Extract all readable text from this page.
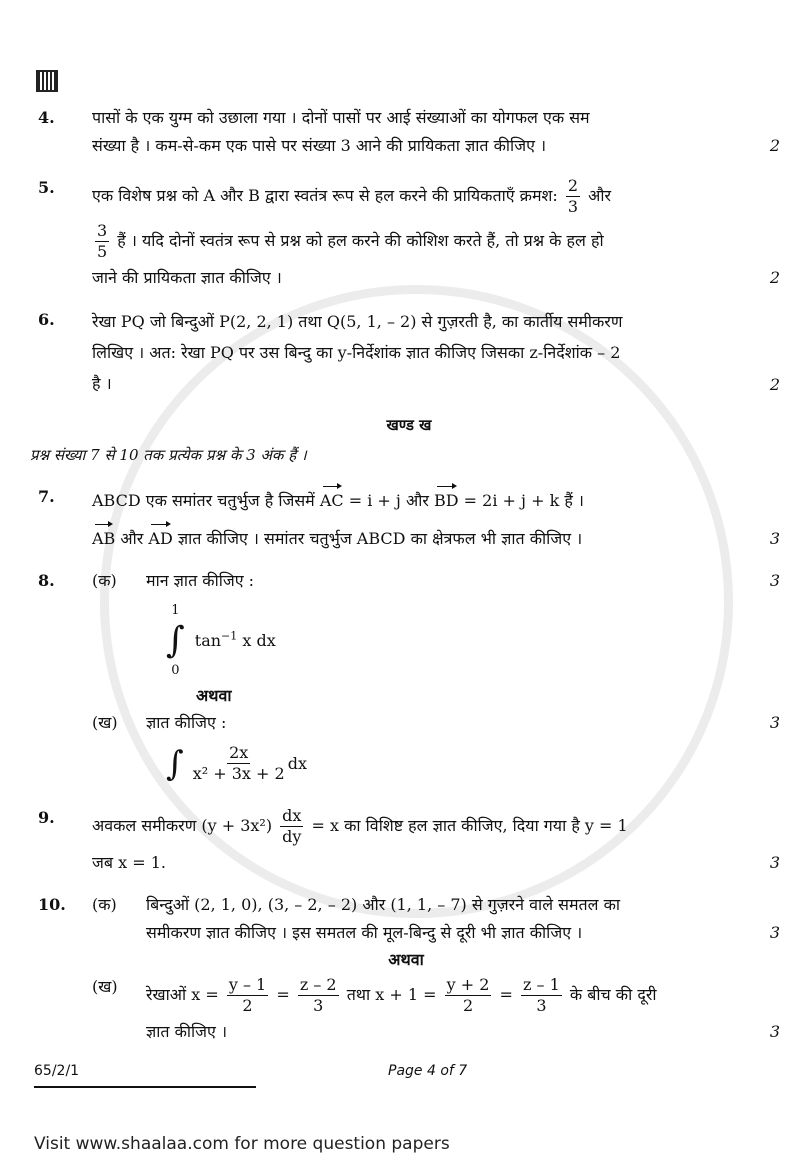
4.	पासों के एक युग्म को उछाला गया । दोनों पासों पर आई संख्याओं का योगफल एक सम
संख्या है । कम-से-कम एक पासे पर संख्या 3 आने की प्रायिकता ज्ञात कीजिए ।	2
5.	एक विशेष प्रश्न को A और B द्वारा स्वतंत्र रूप से हल करने की प्रायिकताएँ क्रमश: $\frac{2}{3}$ और
$\frac{3}{5}$ हैं । यदि दोनों स्वतंत्र रूप से प्रश्न को हल करने की कोशिश करते हैं, तो प्रश्न के हल हो
जाने की प्रायिकता ज्ञात कीजिए ।	2
6.	रेखा PQ जो बिन्दुओं P(2, 2, 1) तथा Q(5, 1, – 2) से गुज़रती है, का कार्तीय समीकरण
लिखिए । अत: रेखा PQ पर उस बिन्दु का y-निर्देशांक ज्ञात कीजिए जिसका z-निर्देशांक – 2
है ।	2
खण्ड ख
प्रश्न संख्या 7 से 10 तक प्रत्येक प्रश्न के 3 अंक हैं ।
7.	ABCD एक समांतर चतुर्भुज है जिसमें AC = i + j और BD = 2i + j + k हैं ।
AB और AD ज्ञात कीजिए । समांतर चतुर्भुज ABCD का क्षेत्रफल भी ज्ञात कीजिए ।	3
8.	(क)	मान ज्ञात कीजिए :
1
∫
0
$\tan^{-1} x$ dx
अथवा
3
(ख)	ज्ञात कीजिए :
∫ $\frac{2x}{\text{x² + 3x + 2}}$ dx
3
9.	अवकल समीकरण $(y + 3x^2) \frac{dx}{dy} = x$ का विशिष्ट हल ज्ञात कीजिए, दिया गया है y = 1
जब x = 1.	3
10.	(क)	बिन्दुओं (2, 1, 0), (3, – 2, – 2) और (1, 1, – 7) से गुज़रने वाले समतल का
समीकरण ज्ञात कीजिए । इस समतल की मूल-बिन्दु से दूरी भी ज्ञात कीजिए ।	3
अथवा
(ख)	रेखाओं $x = \frac{y - 1}{2} = \frac{z - 2}{3}$ तथा $x + 1 = \frac{y + 2}{2} = \frac{z - 1}{3}$ के बीच की दूरी
ज्ञात कीजिए ।	3
65/2/1	Page 4 of 7
Visit www.shaalaa.com for more question papers
